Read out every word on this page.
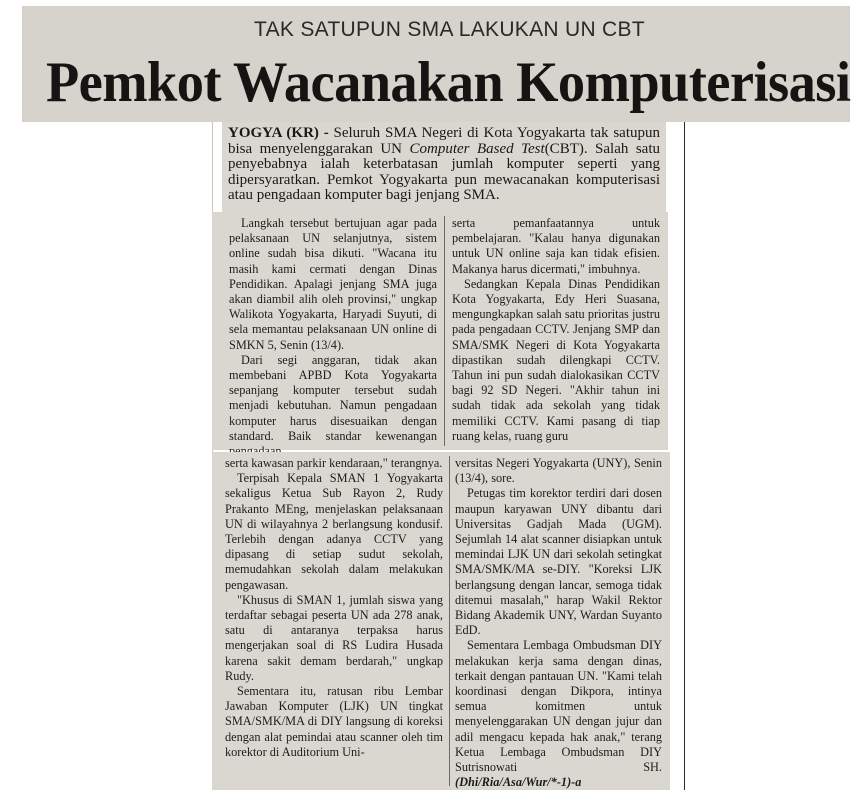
TAK SATUPUN SMA LAKUKAN UN CBT
Pemkot Wacanakan Komputerisasi
YOGYA (KR) - Seluruh SMA Negeri di Kota Yogyakarta tak satupun bisa menyelenggarakan UN Computer Based Test(CBT). Salah satu penyebabnya ialah keterbatasan jumlah komputer seperti yang dipersyaratkan. Pemkot Yogyakarta pun mewacanakan komputerisasi atau pengadaan komputer bagi jenjang SMA.

Langkah tersebut bertujuan agar pada pelaksanaan UN selanjutnya, sistem online sudah bisa dikuti. "Wacana itu masih kami cermati dengan Dinas Pendidikan. Apalagi jenjang SMA juga akan diambil alih oleh provinsi," ungkap Walikota Yogyakarta, Haryadi Suyuti, di sela memantau pelaksanaan UN online di SMKN 5, Senin (13/4).

Dari segi anggaran, tidak akan membebani APBD Kota Yogyakarta sepanjang komputer tersebut sudah menjadi kebutuhan. Namun pengadaan komputer harus disesuaikan dengan standard. Baik standar kewenangan

serta pemanfaatannya untuk pembelajaran. "Kalau hanya digunakan untuk UN online saja kan tidak efisien. Makanya harus dicermati," imbuhnya.

Sedangkan Kepala Dinas Pendidikan Kota Yogyakarta, Edy Heri Suasana, mengungkapkan salah satu prioritas justru pada pengadaan CCTV. Jenjang SMP dan SMA/SMK Negeri di Kota Yogyakarta dipastikan sudah dilengkapi CCTV. Tahun ini pun sudah dialokasikan CCTV bagi 92 SD Negeri. "Akhir tahun ini sudah tidak ada sekolah yang tidak memiliki CCTV. Kami pasang di tiap ruang kelas, ruang guru

serta kawasan parkir kendaraan," terangnya.

Terpisah Kepala SMAN 1 Yogyakarta sekaligus Ketua Sub Rayon 2, Rudy Prakanto MEng, menjelaskan pelaksanaan UN di wilayahnya 2 berlangsung kondusif. Terlebih dengan adanya CCTV yang dipasang di setiap sudut sekolah, memudahkan sekolah dalam melakukan pengawasan.

"Khusus di SMAN 1, jumlah siswa yang terdaftar sebagai peserta UN ada 278 anak, satu di antaranya terpaksa harus mengerjakan soal di RS Ludira Husada karena sakit demam berdarah," ungkap Rudy.

Sementara itu, ratusan ribu Lembar Jawaban Komputer (LJK) UN tingkat SMA/SMK/MA di DIY langsung di koreksi dengan alat pemindai atau scanner oleh tim korektor di Auditorium Uni-

versitas Negeri Yogyakarta (UNY), Senin (13/4), sore.

Petugas tim korektor terdiri dari dosen maupun karyawan UNY dibantu dari Universitas Gadjah Mada (UGM). Sejumlah 14 alat scanner disiapkan untuk memindai LJK UN dari sekolah setingkat SMA/SMK/MA se-DIY. "Koreksi LJK berlangsung dengan lancar, semoga tidak ditemui masalah," harap Wakil Rektor Bidang Akademik UNY, Wardan Suyanto EdD.

Sementara Lembaga Ombudsman DIY melakukan kerja sama dengan dinas, terkait dengan pantauan UN. "Kami telah koordinasi dengan Dikpora, intinya semua komitmen untuk menyelenggarakan UN dengan jujur dan adil mengacu kepada hak anak," terang Ketua Lembaga Ombudsman DIY Sutrisnowati SH. (Dhi/Ria/Asa/Wur/*-1)-a
